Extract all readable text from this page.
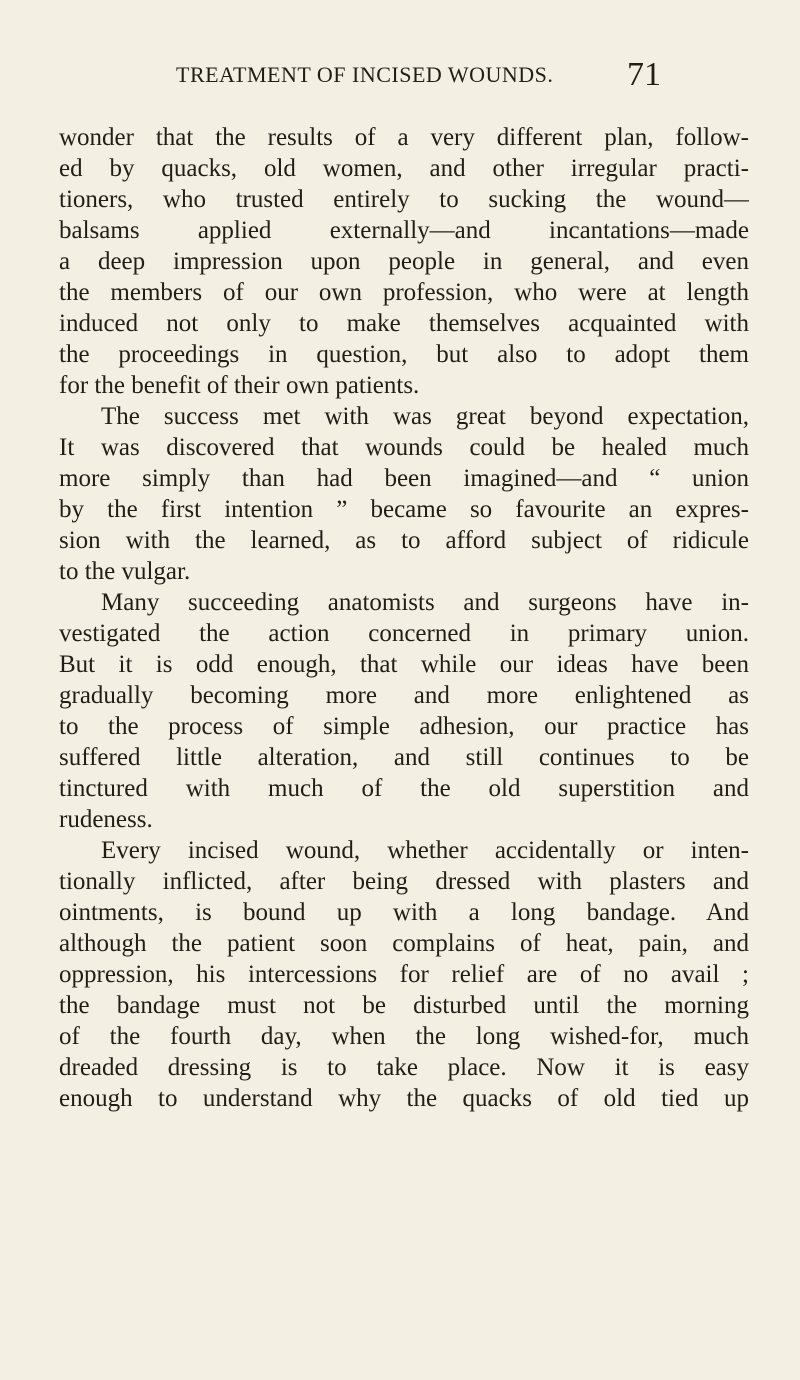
TREATMENT OF INCISED WOUNDS. 71
wonder that the results of a very different plan, follow-
ed by quacks, old women, and other irregular practi-
tioners, who trusted entirely to sucking the wound—
balsams applied externally—and incantations—made
a deep impression upon people in general, and even
the members of our own profession, who were at length
induced not only to make themselves acquainted with
the proceedings in question, but also to adopt them
for the benefit of their own patients.
The success met with was great beyond expectation,
It was discovered that wounds could be healed much
more simply than had been imagined—and “ union
by the first intention ” became so favourite an expres-
sion with the learned, as to afford subject of ridicule
to the vulgar.
Many succeeding anatomists and surgeons have in-
vestigated the action concerned in primary union.
But it is odd enough, that while our ideas have been
gradually becoming more and more enlightened as
to the process of simple adhesion, our practice has
suffered little alteration, and still continues to be
tinctured with much of the old superstition and
rudeness.
Every incised wound, whether accidentally or inten-
tionally inflicted, after being dressed with plasters and
ointments, is bound up with a long bandage. And
although the patient soon complains of heat, pain, and
oppression, his intercessions for relief are of no avail ;
the bandage must not be disturbed until the morning
of the fourth day, when the long wished-for, much
dreaded dressing is to take place. Now it is easy
enough to understand why the quacks of old tied up
